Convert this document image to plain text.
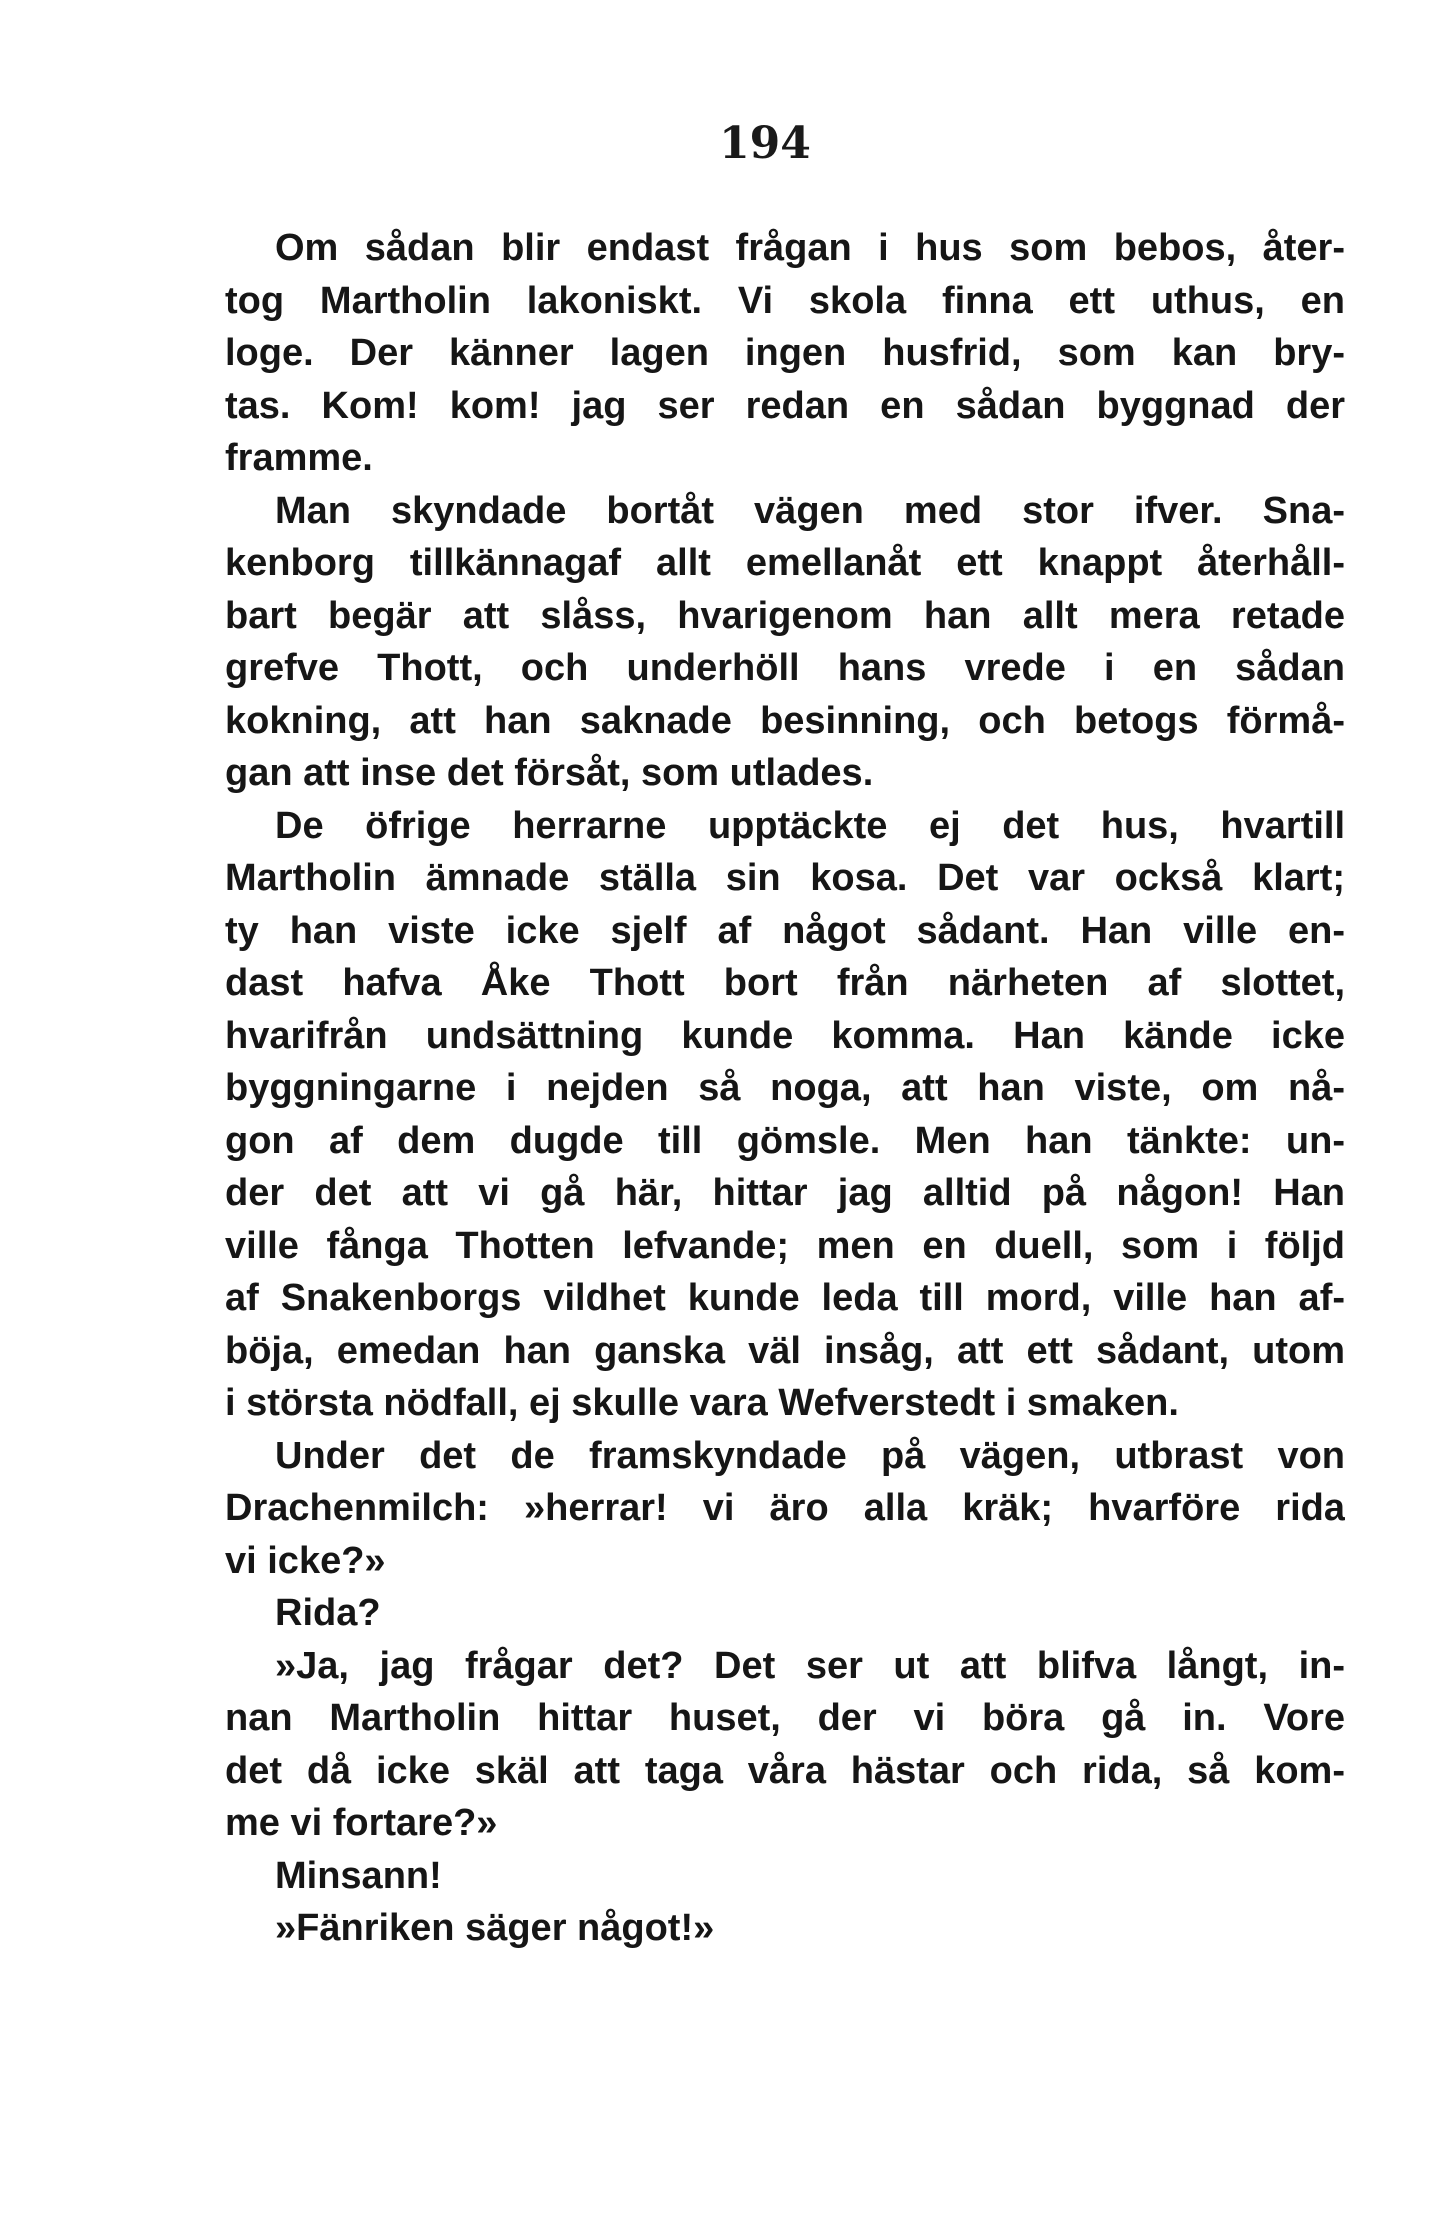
194
Om sådan blir endast frågan i hus som bebos, åter-
tog Martholin lakoniskt. Vi skola finna ett uthus, en
loge. Der känner lagen ingen husfrid, som kan bry-
tas. Kom! kom! jag ser redan en sådan byggnad der
framme.
Man skyndade bortåt vägen med stor ifver. Sna-
kenborg tillkännagaf allt emellanåt ett knappt återhåll-
bart begär att slåss, hvarigenom han allt mera retade
grefve Thott, och underhöll hans vrede i en sådan
kokning, att han saknade besinning, och betogs förmå-
gan att inse det försåt, som utlades.
De öfrige herrarne upptäckte ej det hus, hvartill
Martholin ämnade ställa sin kosa. Det var också klart;
ty han viste icke sjelf af något sådant. Han ville en-
dast hafva Åke Thott bort från närheten af slottet,
hvarifrån undsättning kunde komma. Han kände icke
byggningarne i nejden så noga, att han viste, om nå-
gon af dem dugde till gömsle. Men han tänkte: un-
der det att vi gå här, hittar jag alltid på någon! Han
ville fånga Thotten lefvande; men en duell, som i följd
af Snakenborgs vildhet kunde leda till mord, ville han af-
böja, emedan han ganska väl insåg, att ett sådant, utom
i största nödfall, ej skulle vara Wefverstedt i smaken.
Under det de framskyndade på vägen, utbrast von
Drachenmilch: »herrar! vi äro alla kräk; hvarföre rida
vi icke?»
Rida?
»Ja, jag frågar det? Det ser ut att blifva långt, in-
nan Martholin hittar huset, der vi böra gå in. Vore
det då icke skäl att taga våra hästar och rida, så kom-
me vi fortare?»
Minsann!
»Fänriken säger något!»
